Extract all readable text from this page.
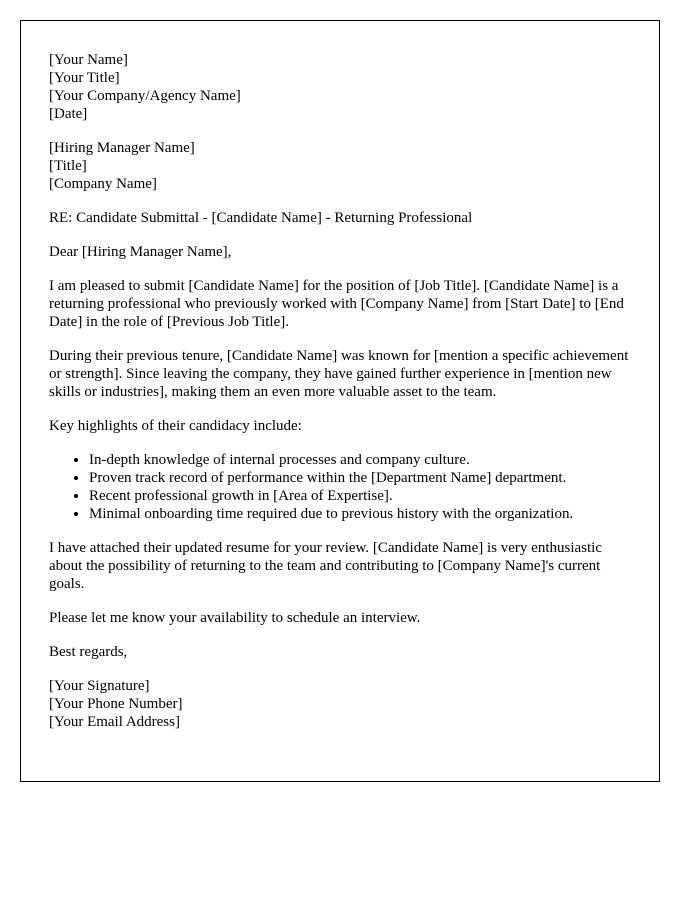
[Your Name]
[Your Title]
[Your Company/Agency Name]
[Date]
[Hiring Manager Name]
[Title]
[Company Name]

RE: Candidate Submittal - [Candidate Name] - Returning Professional

Dear [Hiring Manager Name],

I am pleased to submit [Candidate Name] for the position of [Job Title]. [Candidate Name] is a returning professional who previously worked with [Company Name] from [Start Date] to [End Date] in the role of [Previous Job Title].

During their previous tenure, [Candidate Name] was known for [mention a specific achievement or strength]. Since leaving the company, they have gained further experience in [mention new skills or industries], making them an even more valuable asset to the team.

Key highlights of their candidacy include:

• In-depth knowledge of internal processes and company culture.
• Proven track record of performance within the [Department Name] department.
• Recent professional growth in [Area of Expertise].
• Minimal onboarding time required due to previous history with the organization.

I have attached their updated resume for your review. [Candidate Name] is very enthusiastic about the possibility of returning to the team and contributing to [Company Name]'s current goals.

Please let me know your availability to schedule an interview.

Best regards,

[Your Signature]
[Your Phone Number]
[Your Email Address]
